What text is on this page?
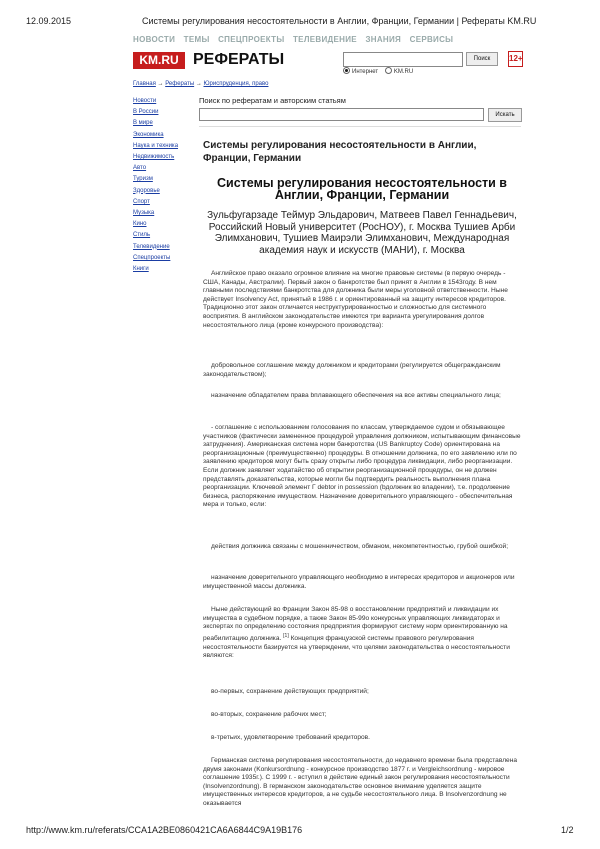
12.09.2015	Системы регулирования несостоятельности в Англии, Франции, Германии | Рефераты KM.RU
НОВОСТИ ТЕМЫ СПЕЦПРОЕКТЫ ТЕЛЕВИДЕНИЕ ЗНАНИЯ СЕРВИСЫ
KM.RU РЕФЕРАТЫ	Поиск
Интернет	KM.RU
12+
Главная → Рефераты → Юриспруденция, право
Новости
В России
В мире
Экономика
Наука и техника
Недвижимость
Авто
Туризм
Здоровье
Спорт
Музыка
Кино
Стиль
Телевидение
Спецпроекты
Книги
Поиск по рефератам и авторским статьям
Искать
Системы регулирования несостоятельности в Англии, Франции, Германии
Системы регулирования несостоятельности в Англии, Франции, Германии
Зульфугарзаде Теймур Эльдарович, Матвеев Павел Геннадьевич, Российский Новый университет (РосНОУ), г. Москва Тушиев Арби Элимханович, Тушиев Маирэли Элимханович, Международная академия наук и искусств (МАНИ), г. Москва

Английское право оказало огромное влияние на многие правовые системы (в первую очередь - США, Канады, Австралии). Первый закон о банкротстве был принят в Англии в 1543году. В нем главными последствиями банкротства для должника были меры уголовной ответственности. Ныне действует Insolvency Act, принятый в 1986 г. и ориентированный на защиту интересов кредиторов. Традиционно этот закон отличается неструктурированностью и сложностью для системного восприятия. В английском законодательстве имеются три варианта урегулирования долгов несостоятельного лица (кроме конкурсного производства):

добровольное соглашение между должником и кредиторами (регулируется общегражданским законодательством);

назначение обладателем права bплавающего обеспечения на все активы специального лица;

- соглашение с использованием голосования по классам, утверждаемое судом и обязывающее участников (фактически замененное процедурой управления должником, испытывающим финансовые затруднения). Американская система норм банкротства (US Bankruptcy Code) ориентирована на реорганизационные (преимущественно) процедуры. В отношении должника, по его заявлению или по заявлению кредиторов могут быть сразу открыты либо процедура ликвидации, либо реорганизации. Если должник заявляет ходатайство об открытии реорганизационной процедуры, он не должен представлять доказательства, которые могли бы подтвердить реальность выполнения плана реорганизации. Ключевой элемент Г debtor in possession (bдолжник во владении), т.е. продолжение бизнеса, распоряжение имуществом. Назначение доверительного управляющего - обеспечительная мера и только, если:

действия должника связаны с мошенничеством, обманом, некомпетентностью, грубой ошибкой;

назначение доверительного управляющего необходимо в интересах кредиторов и акционеров или имущественной массы должника.

Ныне действующий во Франции Закон 85-98 о восстановлении предприятий и ликвидации их имущества в судебном порядке, а также Закон 85-99о конкурсных управляющих ликвидаторах и экспертах по определению состояния предприятия формируют систему норм ориентированную на реабилитацию должника. [1] Концепция французской системы правового регулирования несостоятельности базируется на утверждении, что целями законодательства о несостоятельности являются:

во-первых, сохранение действующих предприятий;

во-вторых, сохранение рабочих мест;

в-третьих, удовлетворение требований кредиторов.

Германская система регулирования несостоятельности, до недавнего времени была представлена двумя законами (Konkursordnung - конкурсное производство 1877 г. и Vergleichsordnung - мировое соглашение 1935г.). С 1999 г. - вступил в действие единый закон регулирования несостоятельности (Insolvenzordnung). В германском законодательстве основное внимание уделяется защите имущественных интересов кредиторов, а не судьбе несостоятельного лица. В Insolvenzordnung не оказывается

http://www.km.ru/referats/CCA1A2BE0860421CA6A6844C9A19B176	1/2
